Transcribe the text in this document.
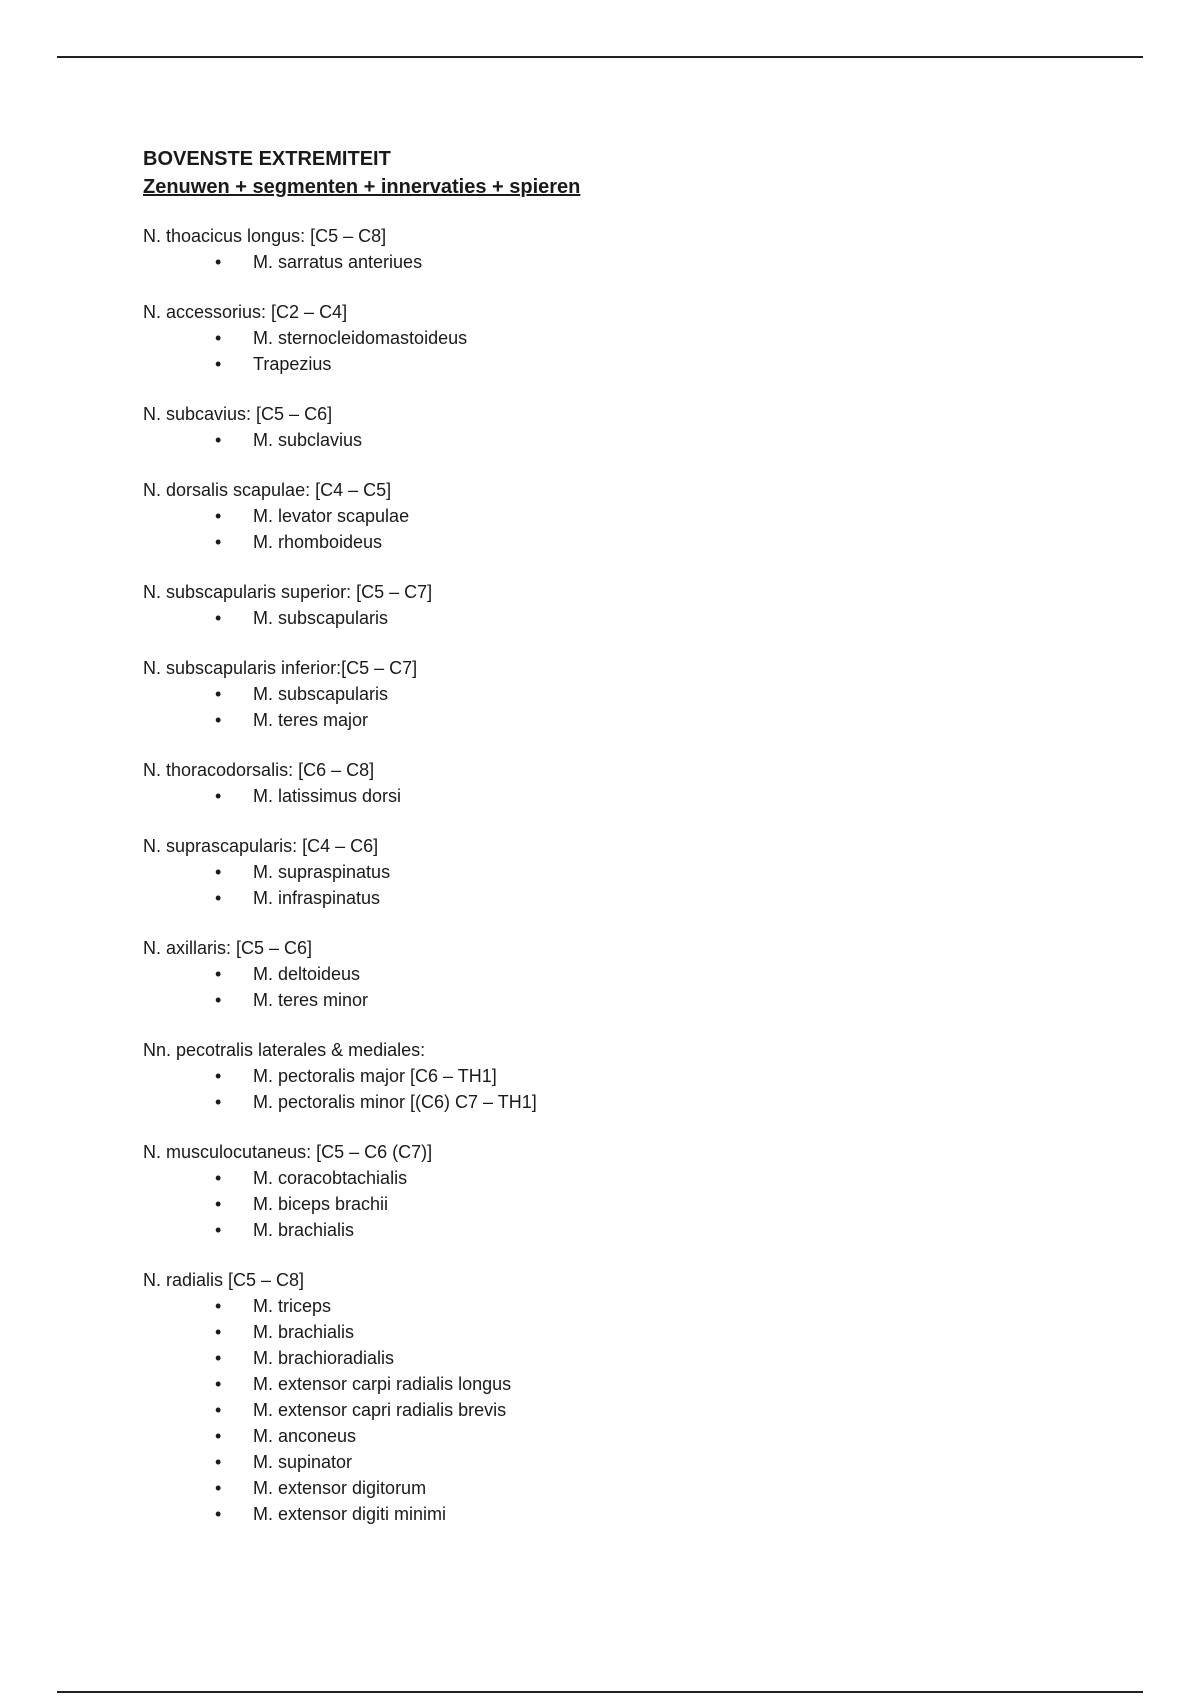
BOVENSTE EXTREMITEIT
Zenuwen + segmenten + innervaties + spieren

N. thoacicus longus: [C5 – C8]

• M. sarratus anteriues

N. accessorius: [C2 – C4]

• M. sternocleidomastoideus
• Trapezius

N. subcavius: [C5 – C6]

• M. subclavius

N. dorsalis scapulae: [C4 – C5]

• M. levator scapulae
• M. rhomboideus

N. subscapularis superior: [C5 – C7]

• M. subscapularis

N. subscapularis inferior:[C5 – C7]

• M. subscapularis
• M. teres major

N. thoracodorsalis: [C6 – C8]

• M. latissimus dorsi

N. suprascapularis: [C4 – C6]

• M. supraspinatus
• M. infraspinatus

N. axillaris: [C5 – C6]

• M. deltoideus
• M. teres minor

Nn. pecotralis laterales & mediales:

• M. pectoralis major [C6 – TH1]
• M. pectoralis minor [(C6) C7 – TH1]

N. musculocutaneus: [C5 – C6 (C7)]

• M. coracobtachialis
• M. biceps brachii
• M. brachialis

N. radialis [C5 – C8]

• M. triceps
• M. brachialis
• M. brachioradialis
• M. extensor carpi radialis longus
• M. extensor capri radialis brevis
• M. anconeus
• M. supinator
• M. extensor digitorum
• M. extensor digiti minimi
